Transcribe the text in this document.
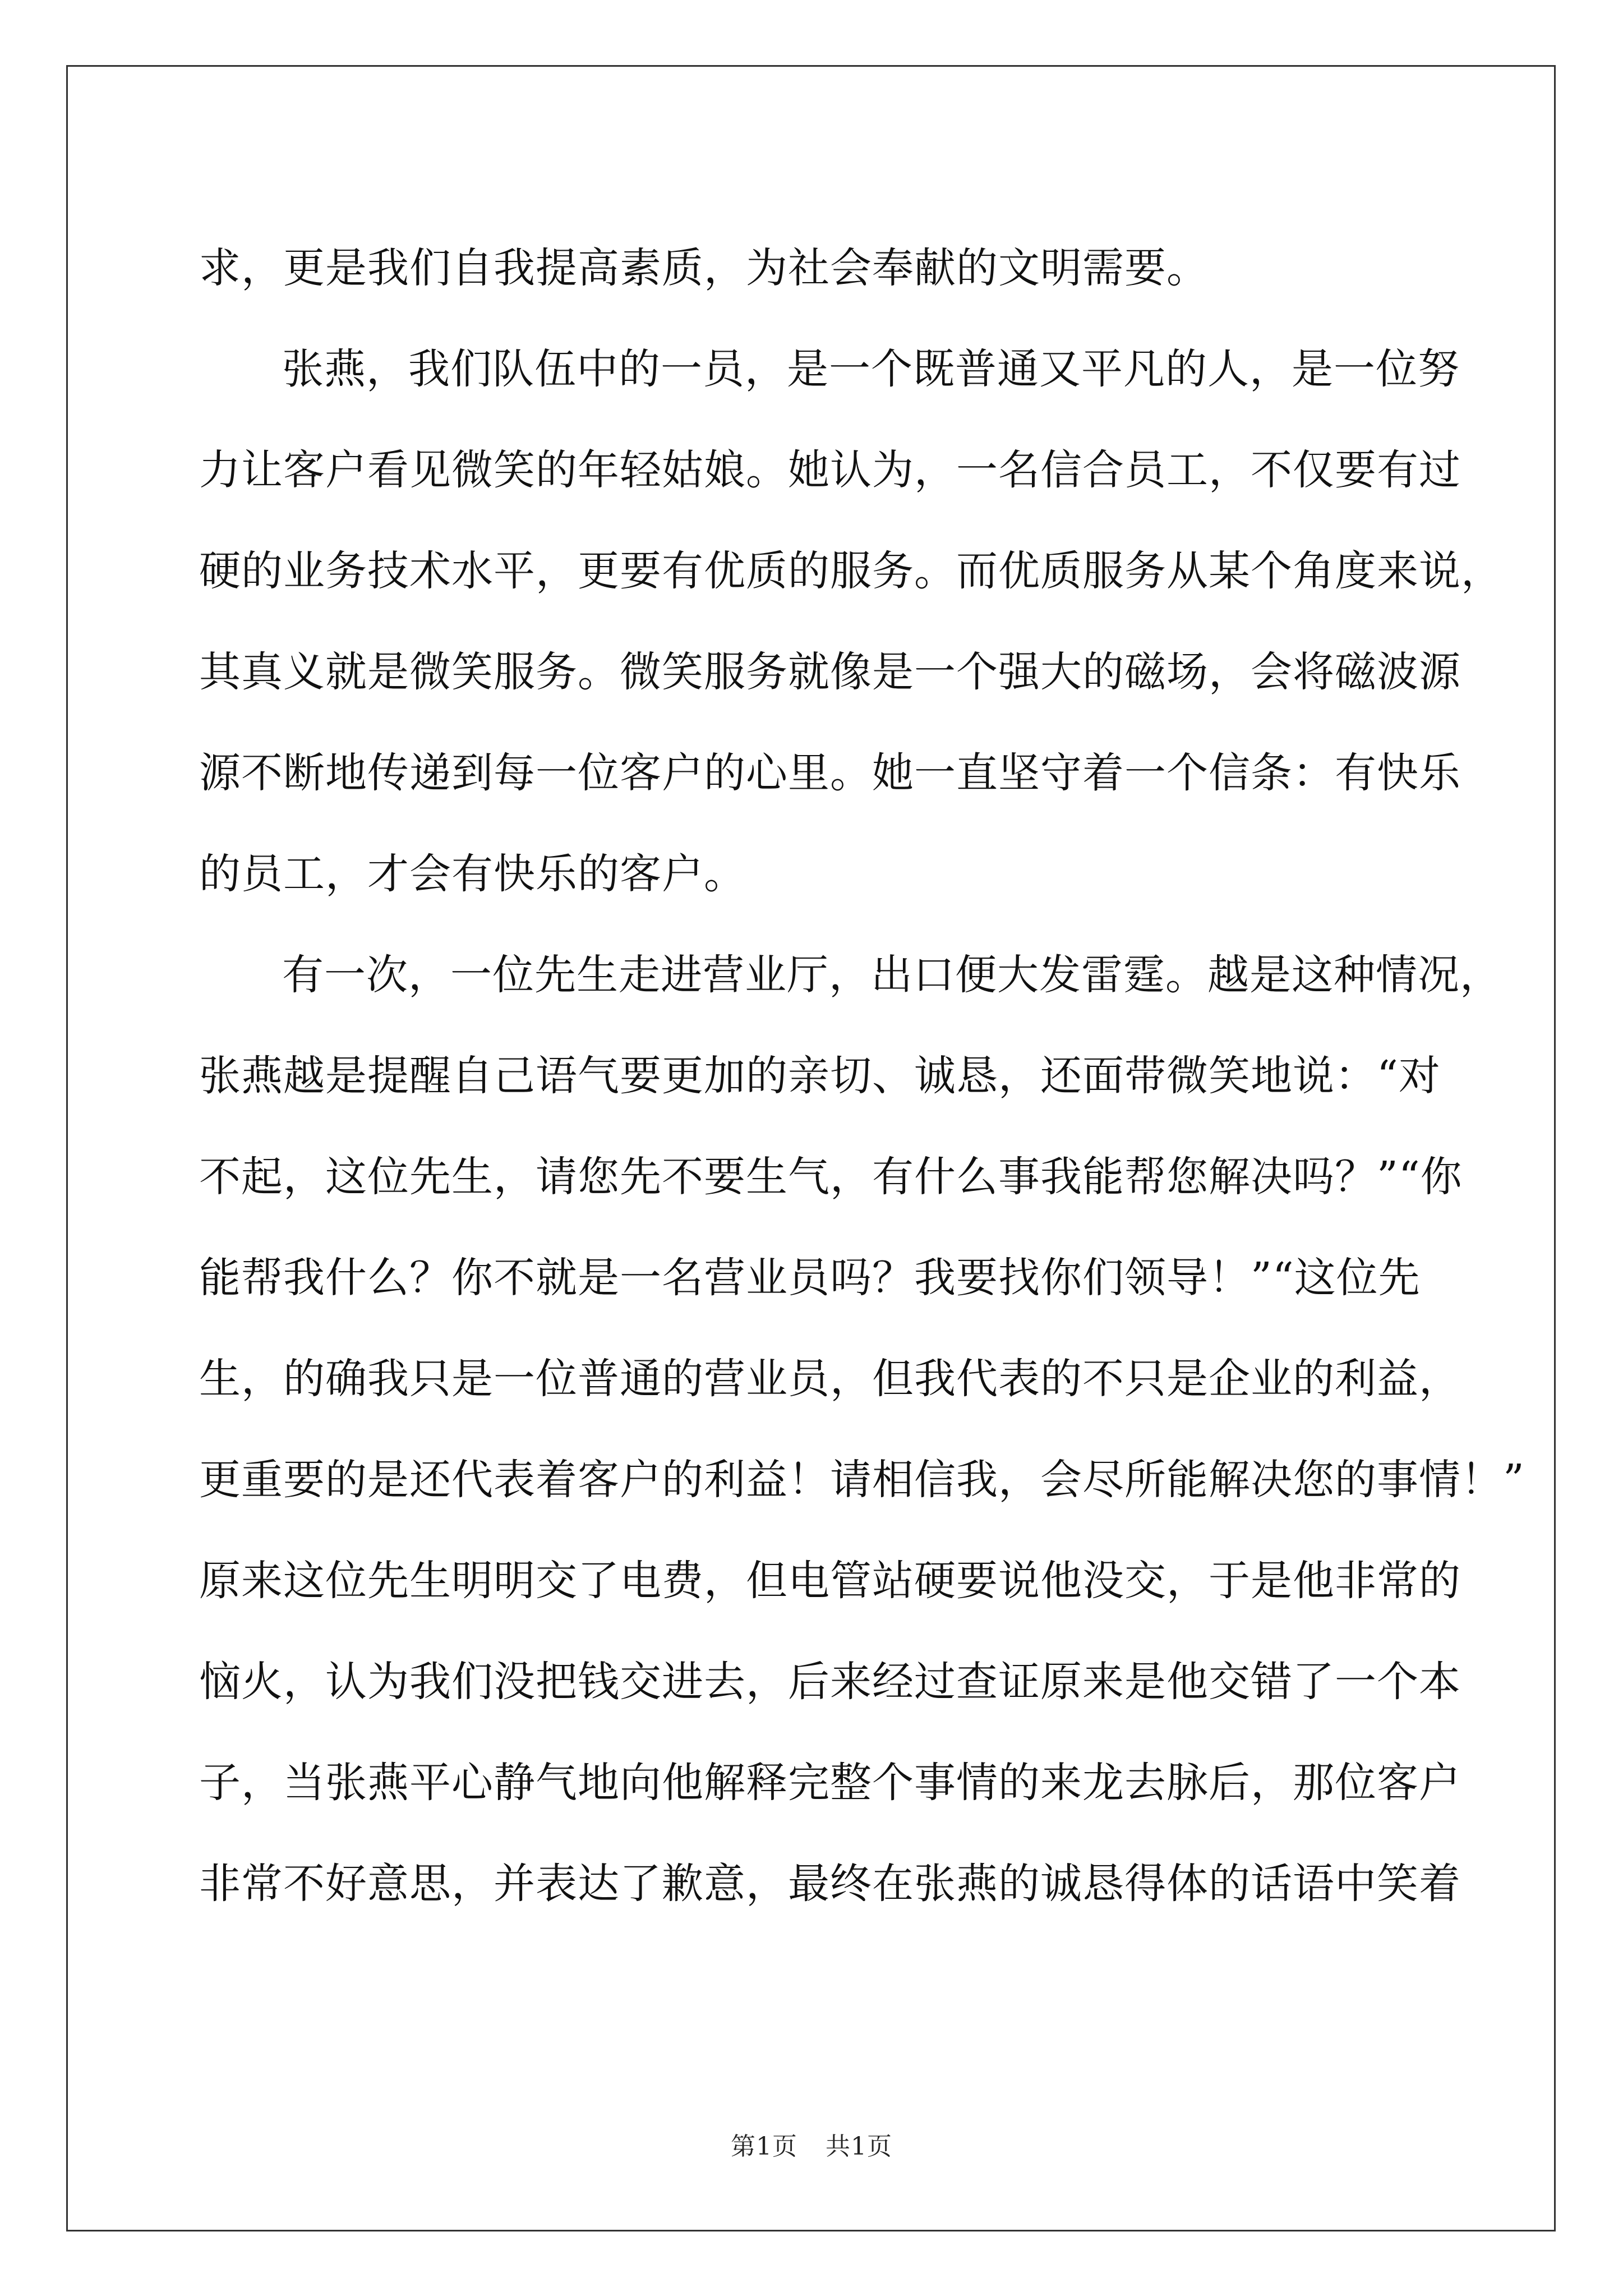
求，更是我们自我提高素质，为社会奉献的文明需要。
张燕，我们队伍中的一员，是一个既普通又平凡的人，是一位努
力让客户看见微笑的年轻姑娘。她认为，一名信合员工，不仅要有过
硬的业务技术水平，更要有优质的服务。而优质服务从某个角度来说，
其真义就是微笑服务。微笑服务就像是一个强大的磁场，会将磁波源
源不断地传递到每一位客户的心里。她一直坚守着一个信条：有快乐
的员工，才会有快乐的客户。
有一次，一位先生走进营业厅，出口便大发雷霆。越是这种情况，
张燕越是提醒自己语气要更加的亲切、诚恳，还面带微笑地说：“对
不起，这位先生，请您先不要生气，有什么事我能帮您解决吗？”“你
能帮我什么？你不就是一名营业员吗？我要找你们领导！”“这位先
生，的确我只是一位普通的营业员，但我代表的不只是企业的利益，
更重要的是还代表着客户的利益！请相信我，会尽所能解决您的事情！”
原来这位先生明明交了电费，但电管站硬要说他没交，于是他非常的
恼火，认为我们没把钱交进去，后来经过查证原来是他交错了一个本
子，当张燕平心静气地向他解释完整个事情的来龙去脉后，那位客户
非常不好意思，并表达了歉意，最终在张燕的诚恳得体的话语中笑着
第1页 共1页
